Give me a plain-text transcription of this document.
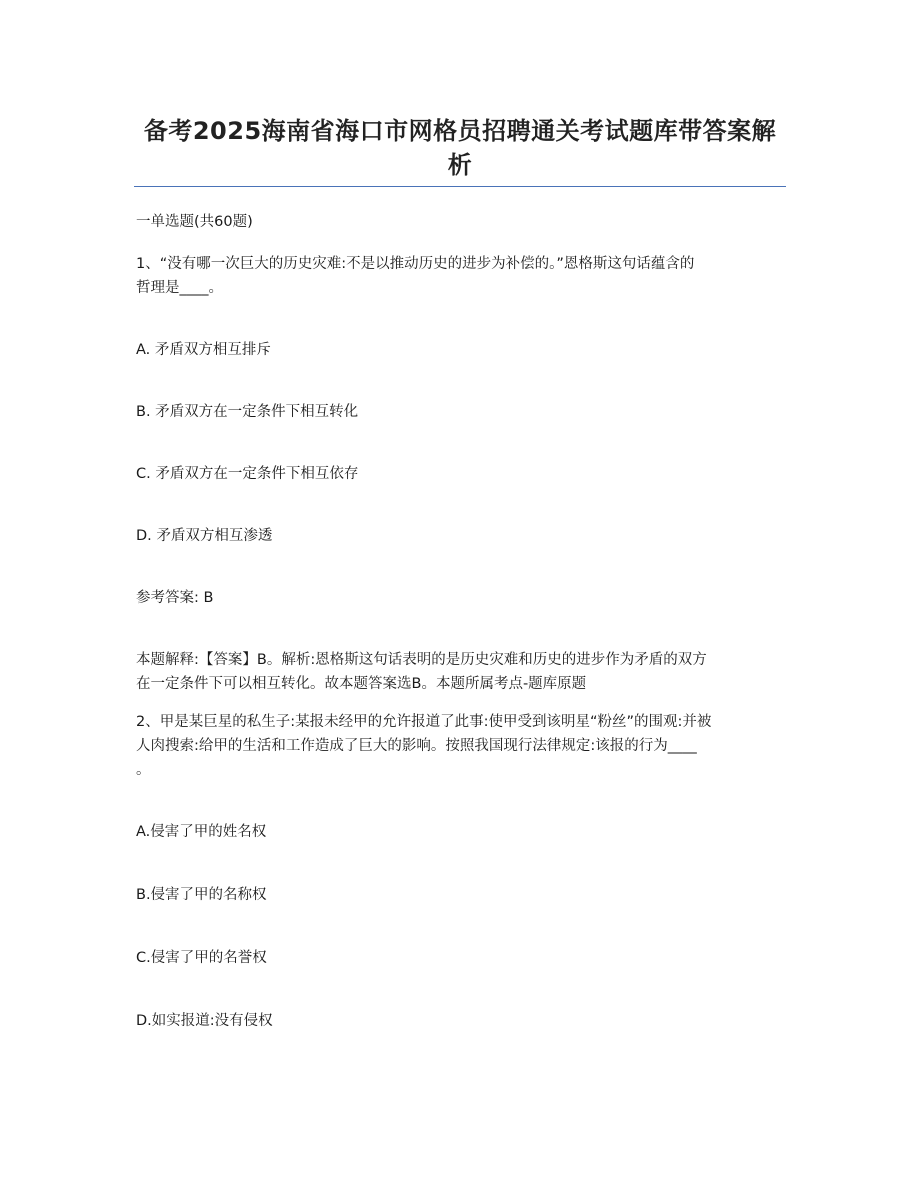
备考2025海南省海口市网格员招聘通关考试题库带答案解
析
一单选题(共60题)
1、“没有哪一次巨大的历史灾难:不是以推动历史的进步为补偿的。”恩格斯这句话蕴含的
哲理是____。
A. 矛盾双方相互排斥
B. 矛盾双方在一定条件下相互转化
C. 矛盾双方在一定条件下相互依存
D. 矛盾双方相互渗透
参考答案: B
本题解释:【答案】B。解析:恩格斯这句话表明的是历史灾难和历史的进步作为矛盾的双方
在一定条件下可以相互转化。故本题答案选B。本题所属考点-题库原题
2、甲是某巨星的私生子:某报未经甲的允许报道了此事:使甲受到该明星“粉丝”的围观:并被
人肉搜索:给甲的生活和工作造成了巨大的影响。按照我国现行法律规定:该报的行为____
。
A.侵害了甲的姓名权
B.侵害了甲的名称权
C.侵害了甲的名誉权
D.如实报道:没有侵权
